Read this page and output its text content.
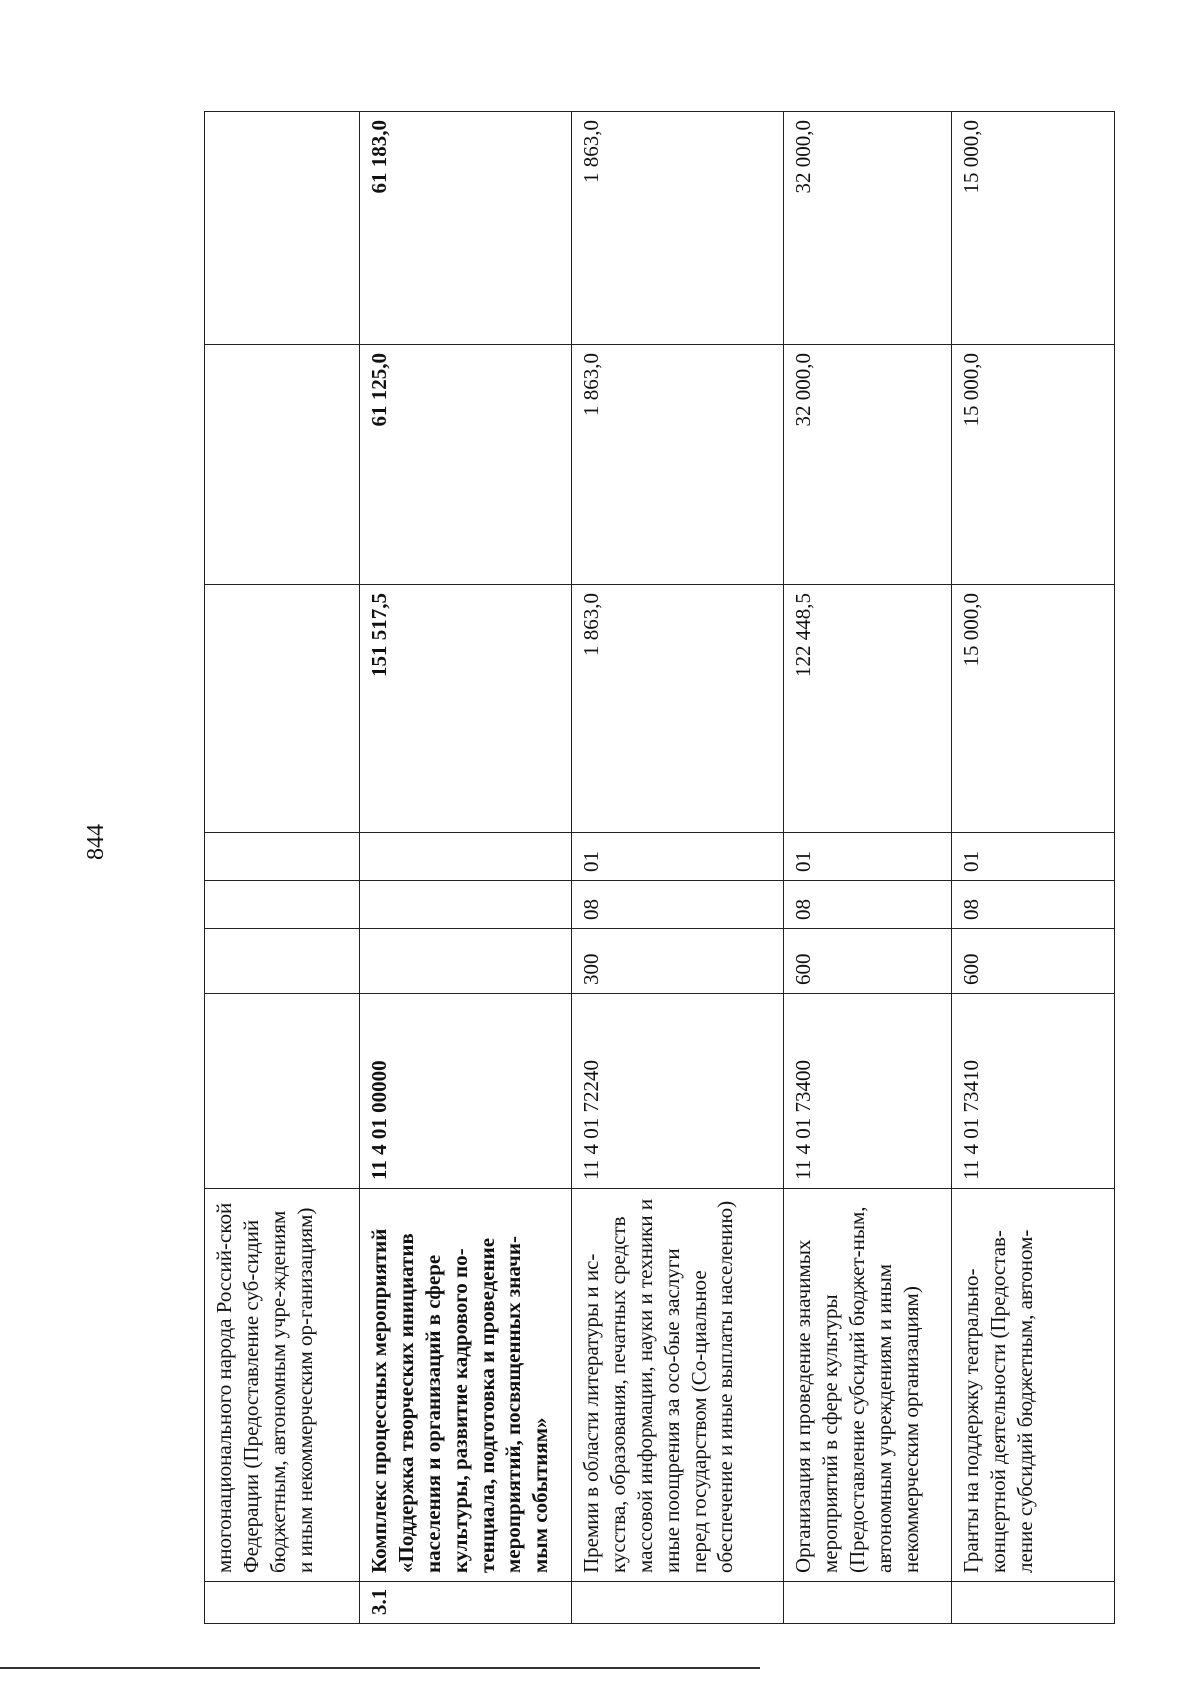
844
	многонационального народа Россий-ской Федерации (Предоставление суб-сидий бюджетным, автономным учре-ждениям и иным некоммерческим ор-ганизациям)							
3.1	Комплекс процессных мероприятий «Поддержка творческих инициатив населения и организаций в сфере культуры, развитие кадрового по-тенциала, подготовка и проведение мероприятий, посвященных значи-мым событиям»	11 4 01 00000				151 517,5	61 125,0	61 183,0
	Премии в области литературы и ис-кусства, образования, печатных средств массовой информации, науки и техники и иные поощрения за осо-бые заслуги перед государством (Со-циальное обеспечение и иные выплаты населению)	11 4 01 72240	300	08	01	1 863,0	1 863,0	1 863,0
	Организация и проведение значимых мероприятий в сфере культуры (Предоставление субсидий бюджет-ным, автономным учреждениям и иным некоммерческим организациям)	11 4 01 73400	600	08	01	122 448,5	32 000,0	32 000,0
	Гранты на поддержку театрально-концертной деятельности (Предостав-ление субсидий бюджетным, автоном-	11 4 01 73410	600	08	01	15 000,0	15 000,0	15 000,0
